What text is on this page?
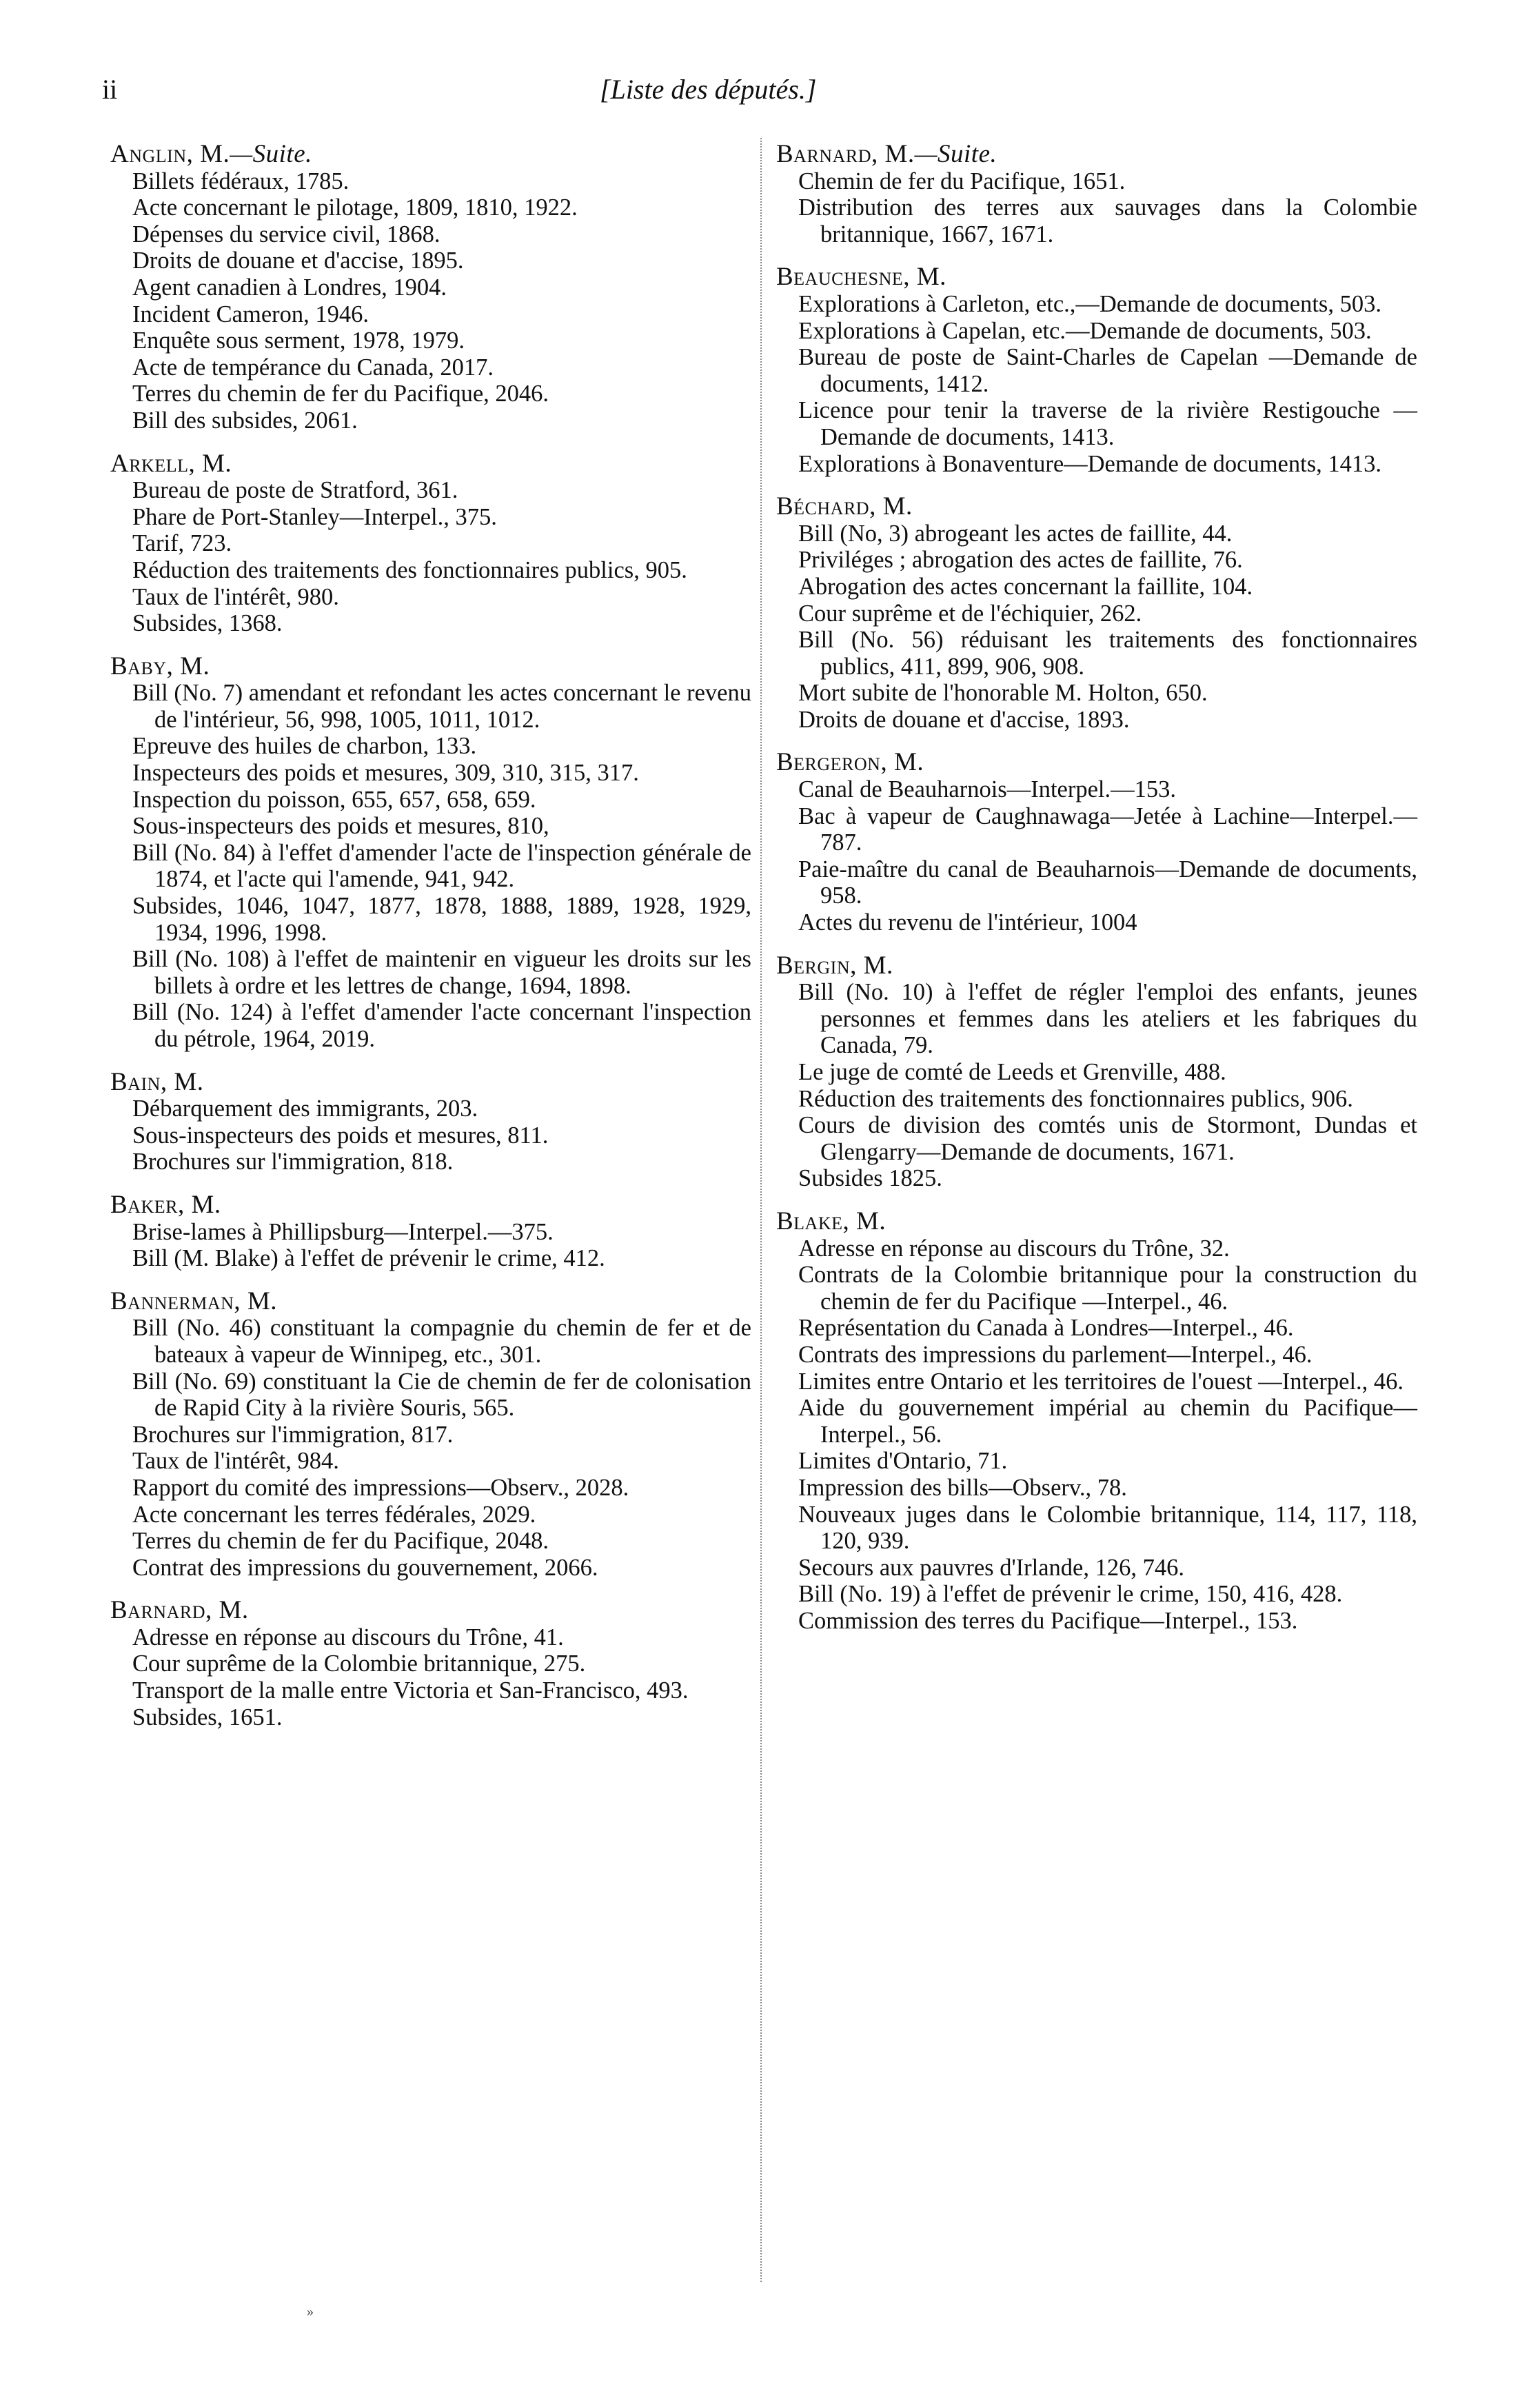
ii	[Liste des députés.]
Anglin, M.—Suite.

Billets fédéraux, 1785.

Acte concernant le pilotage, 1809, 1810, 1922.

Dépenses du service civil, 1868.

Droits de douane et d'accise, 1895.

Agent canadien à Londres, 1904.

Incident Cameron, 1946.

Enquête sous serment, 1978, 1979.

Acte de tempérance du Canada, 2017.

Terres du chemin de fer du Pacifique, 2046.

Bill des subsides, 2061.

Arkell, M.

Bureau de poste de Stratford, 361.

Phare de Port-Stanley—Interpel., 375.

Tarif, 723.

Réduction des traitements des fonctionnaires publics, 905.

Taux de l'intérêt, 980.

Subsides, 1368.

Baby, M.

Bill (No. 7) amendant et refondant les actes concernant le revenu de l'intérieur, 56, 998, 1005, 1011, 1012.

Epreuve des huiles de charbon, 133.

Inspecteurs des poids et mesures, 309, 310, 315, 317.

Inspection du poisson, 655, 657, 658, 659.

Sous-inspecteurs des poids et mesures, 810,

Bill (No. 84) à l'effet d'amender l'acte de l'inspection générale de 1874, et l'acte qui l'amende, 941, 942.

Subsides, 1046, 1047, 1877, 1878, 1888, 1889, 1928, 1929, 1934, 1996, 1998.

Bill (No. 108) à l'effet de maintenir en vigueur les droits sur les billets à ordre et les lettres de change, 1694, 1898.

Bill (No. 124) à l'effet d'amender l'acte concernant l'inspection du pétrole, 1964, 2019.

Bain, M.

Débarquement des immigrants, 203.

Sous-inspecteurs des poids et mesures, 811.

Brochures sur l'immigration, 818.

Baker, M.

Brise-lames à Phillipsburg—Interpel.—375.

Bill (M. Blake) à l'effet de prévenir le crime, 412.

Bannerman, M.

Bill (No. 46) constituant la compagnie du chemin de fer et de bateaux à vapeur de Winnipeg, etc., 301.

Bill (No. 69) constituant la Cie de chemin de fer de colonisation de Rapid City à la rivière Souris, 565.

Brochures sur l'immigration, 817.

Taux de l'intérêt, 984.

Rapport du comité des impressions—Observ., 2028.

Acte concernant les terres fédérales, 2029.

Terres du chemin de fer du Pacifique, 2048.

Contrat des impressions du gouvernement, 2066.

Barnard, M.

Adresse en réponse au discours du Trône, 41.

Cour suprême de la Colombie britannique, 275.

Transport de la malle entre Victoria et San-Francisco, 493.

Subsides, 1651.

Barnard, M.—Suite.

Chemin de fer du Pacifique, 1651.

Distribution des terres aux sauvages dans la Colombie britannique, 1667, 1671.

Beauchesne, M.

Explorations à Carleton, etc.,—Demande de documents, 503.

Explorations à Capelan, etc.—Demande de documents, 503.

Bureau de poste de Saint-Charles de Capelan —Demande de documents, 1412.

Licence pour tenir la traverse de la rivière Restigouche — Demande de documents, 1413.

Explorations à Bonaventure—Demande de documents, 1413.

Béchard, M.

Bill (No, 3) abrogeant les actes de faillite, 44.

Priviléges ; abrogation des actes de faillite, 76.

Abrogation des actes concernant la faillite, 104.

Cour suprême et de l'échiquier, 262.

Bill (No. 56) réduisant les traitements des fonctionnaires publics, 411, 899, 906, 908.

Mort subite de l'honorable M. Holton, 650.

Droits de douane et d'accise, 1893.

Bergeron, M.

Canal de Beauharnois—Interpel.—153.

Bac à vapeur de Caughnawaga—Jetée à Lachine—Interpel.—787.

Paie-maître du canal de Beauharnois—Demande de documents, 958.

Actes du revenu de l'intérieur, 1004

Bergin, M.

Bill (No. 10) à l'effet de régler l'emploi des enfants, jeunes personnes et femmes dans les ateliers et les fabriques du Canada, 79.

Le juge de comté de Leeds et Grenville, 488.

Réduction des traitements des fonctionnaires publics, 906.

Cours de division des comtés unis de Stormont, Dundas et Glengarry—Demande de documents, 1671.

Subsides 1825.

Blake, M.

Adresse en réponse au discours du Trône, 32.

Contrats de la Colombie britannique pour la construction du chemin de fer du Pacifique —Interpel., 46.

Représentation du Canada à Londres—Interpel., 46.

Contrats des impressions du parlement—Interpel., 46.

Limites entre Ontario et les territoires de l'ouest —Interpel., 46.

Aide du gouvernement impérial au chemin du Pacifique—Interpel., 56.

Limites d'Ontario, 71.

Impression des bills—Observ., 78.

Nouveaux juges dans le Colombie britannique, 114, 117, 118, 120, 939.

Secours aux pauvres d'Irlande, 126, 746.

Bill (No. 19) à l'effet de prévenir le crime, 150, 416, 428.

Commission des terres du Pacifique—Interpel., 153.

»
